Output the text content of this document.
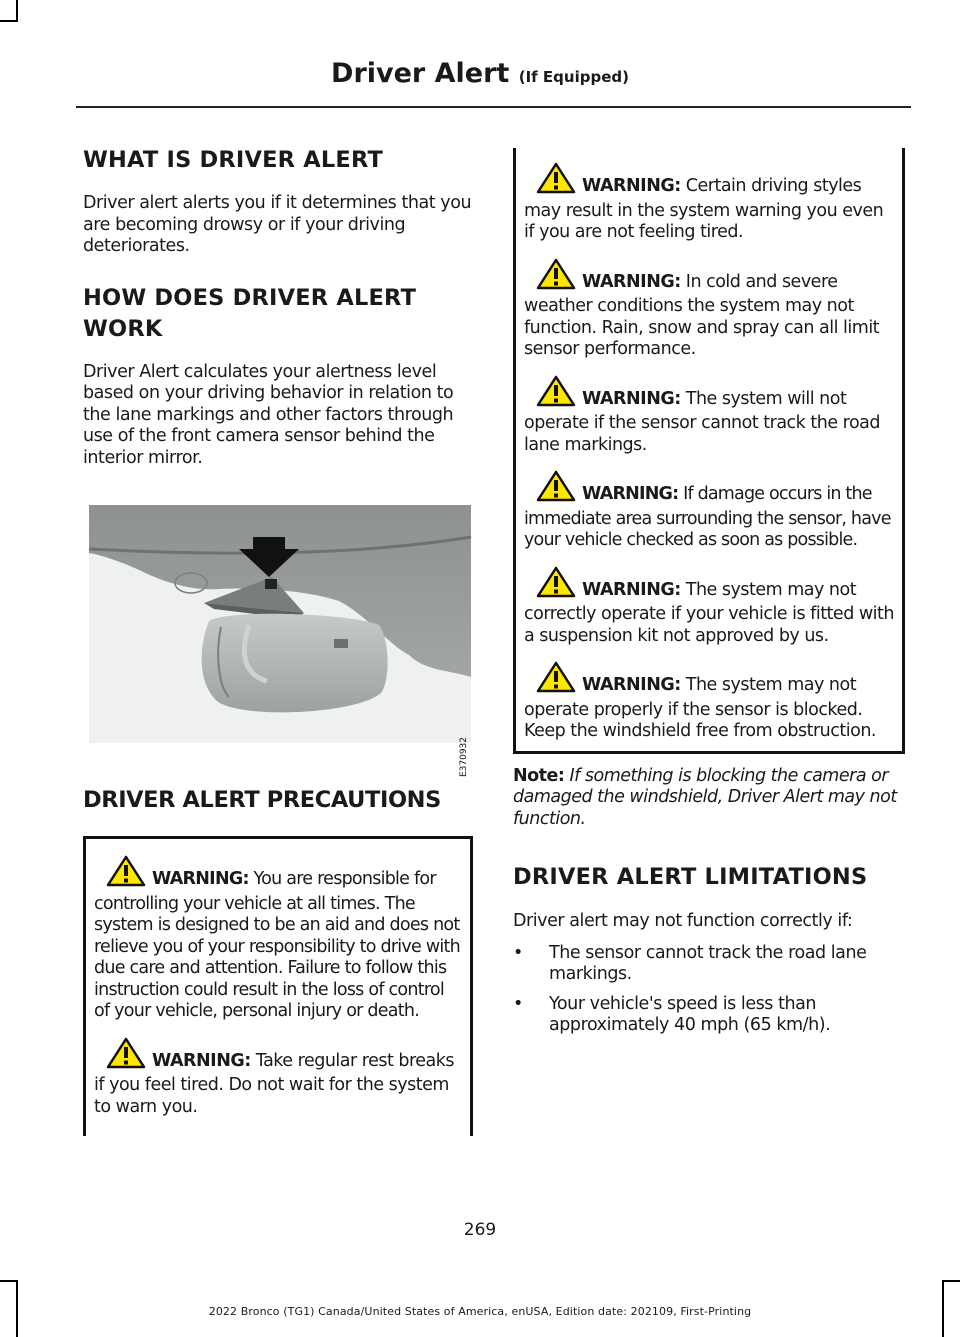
Driver Alert (If Equipped)
WHAT IS DRIVER ALERT

Driver alert alerts you if it determines that you are becoming drowsy or if your driving deteriorates.

HOW DOES DRIVER ALERT
WORK

Driver Alert calculates your alertness level based on your driving behavior in relation to the lane markings and other factors through use of the front camera sensor behind the interior mirror.

E370932
DRIVER ALERT PRECAUTIONS

WARNING: You are responsible for controlling your vehicle at all times. The system is designed to be an aid and does not relieve you of your responsibility to drive with due care and attention. Failure to follow this instruction could result in the loss of control of your vehicle, personal injury or death.

WARNING: Take regular rest breaks if you feel tired. Do not wait for the system to warn you.

WARNING: Certain driving styles may result in the system warning you even if you are not feeling tired.

WARNING: In cold and severe weather conditions the system may not function. Rain, snow and spray can all limit sensor performance.

WARNING: The system will not operate if the sensor cannot track the road lane markings.

WARNING: If damage occurs in the immediate area surrounding the sensor, have your vehicle checked as soon as possible.

WARNING: The system may not correctly operate if your vehicle is fitted with a suspension kit not approved by us.

WARNING: The system may not operate properly if the sensor is blocked. Keep the windshield free from obstruction.

Note: If something is blocking the camera or damaged the windshield, Driver Alert may not function.

DRIVER ALERT LIMITATIONS

Driver alert may not function correctly if:

• The sensor cannot track the road lane markings.
• Your vehicle's speed is less than approximately 40 mph (65 km/h).
269
2022 Bronco (TG1) Canada/United States of America, enUSA, Edition date: 202109, First-Printing
